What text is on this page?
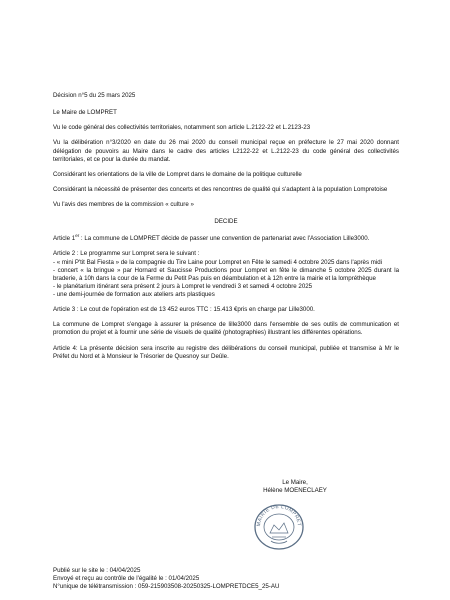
Décision n°5 du 25 mars 2025

Le Maire de LOMPRET

Vu le code général des collectivités territoriales, notamment son article L.2122-22 et L.2123-23

Vu la délibération n°3/2020 en date du 26 mai 2020 du conseil municipal reçue en préfecture le 27 mai 2020 donnant délégation de pouvoirs au Maire dans le cadre des articles L2122-22 et L.2122-23 du code général des collectivités territoriales, et ce pour la durée du mandat.

Considérant les orientations de la ville de Lompret dans le domaine de la politique culturelle

Considérant la nécessité de présenter des concerts et des rencontres de qualité qui s'adaptent à la population Lompretoise

Vu l'avis des membres de la commission « culture »

DECIDE

Article 1er : La commune de LOMPRET décide de passer une convention de partenariat avec l'Association Lille3000.

Article 2 : Le programme sur Lompret sera le suivant :

- « mini P'tit Bal Fiesta » de la compagnie du Tire Laine pour Lompret en Fête le samedi 4 octobre 2025 dans l'après midi

- concert « la bringue » par Hornard et Saucisse Productions pour Lompret en fête le dimanche 5 octobre 2025 durant la braderie, à 10h dans la cour de la Ferme du Petit Pas puis en déambulation et à 12h entre la mairie et la lompréthèque

- le planétarium itinérant sera présent 2 jours à Lompret le vendredi 3 et samedi 4 octobre 2025

- une demi-journée de formation aux ateliers arts plastiques

Article 3 : Le cout de l'opération est de 13 452 euros TTC : 15.413 €pris en charge par Lille3000.

La commune de Lompret s'engage à assurer la présence de lille3000 dans l'ensemble de ses outils de communication et promotion du projet et à fournir une série de visuels de qualité (photographies) illustrant les différentes opérations.

Article 4: La présente décision sera inscrite au registre des délibérations du conseil municipal, publiée et transmise à Mr le Préfet du Nord et à Monsieur le Trésorier de Quesnoy sur Deûle.

Le Maire,

Hélène MOENECLAEY

MAIRIE DE LOMPRET

Publié sur le site le : 04/04/2025

Envoyé et reçu au contrôle de l'égalité le : 01/04/2025

N°unique de télétransmission : 059-215903508-20250325-LOMPRETDCE5_25-AU
